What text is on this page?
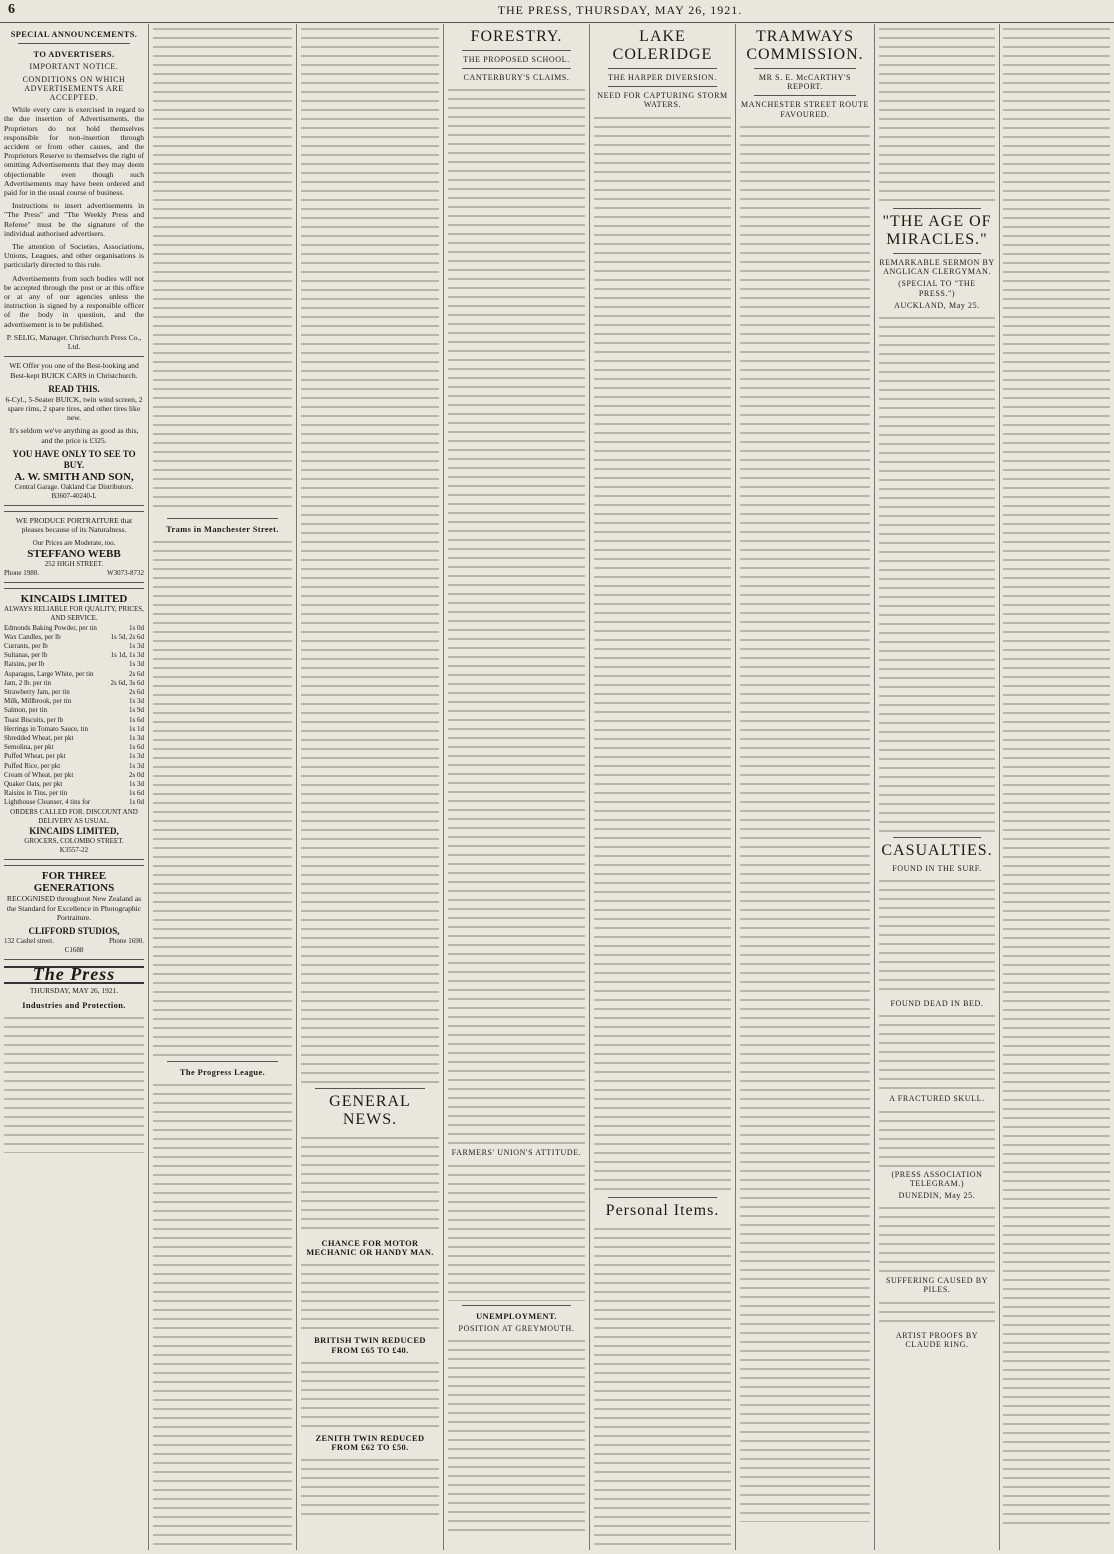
6	THE PRESS, THURSDAY, MAY 26, 1921.
SPECIAL ANNOUNCEMENTS.
TO ADVERTISERS.
IMPORTANT NOTICE.
CONDITIONS ON WHICH ADVERTISEMENTS ARE ACCEPTED.

While every care is exercised in regard to the due insertion of Advertisements, the Proprietors do not hold themselves responsible for non-insertion through accident or from other causes, and the Proprietors Reserve to themselves the right of omitting Advertisements that they may deem objectionable even though such Advertisements may have been ordered and paid for in the usual course of business.

Instructions to insert advertisements in "The Press" and "The Weekly Press and Referee" must be the signature of the individual authorised advertisers.

The attention of Societies, Associations, Unions, Leagues, and other organisations is particularly directed to this rule.

Advertisements from such bodies will not be accepted through the post or at this office or at any of our agencies unless the instruction is signed by a responsible officer of the body in question, and the advertisement is to be published.

P. SELIG, Manager. Christchurch Press Co., Ltd.

WE Offer you one of the Best-looking and Best-kept BUICK CARS in Christchurch.

READ THIS.

6-Cyl., 5-Seater BUICK, twin wind screen, 2 spare rims, 2 spare tires, and other tires like new.

It's seldom we've anything as good as this, and the price is £325.

YOU HAVE ONLY TO SEE TO BUY.
A. W. SMITH AND SON,
Central Garage. Oakland Car Distributors.
B3607-40240-L

WE PRODUCE PORTRAITURE that pleases because of its Naturalness.

Our Prices are Moderate, too.
STEFFANO WEBB
252 HIGH STREET.
Phone 1980.	W3073-8732
KINCAIDS LIMITED
ALWAYS RELIABLE FOR QUALITY, PRICES, AND SERVICE.
Edmonds Baking Powder, per tin	1s 0d
Wax Candles, per lb	1s 5d, 2s 6d
Currants, per lb	1s 3d
Sultanas, per lb	1s 1d, 1s 3d
Raisins, per lb	1s 3d
Asparagus, Large White, per tin	2s 6d
Jam, 2 lb. per tin	2s 6d, 3s 6d
Strawberry Jam, per tin	2s 6d
Milk, Millbrook, per tin	1s 3d
Salmon, per tin	1s 9d
Toast Biscuits, per lb	1s 6d
Herrings in Tomato Sauce, tin	1s 1d
Shredded Wheat, per pkt	1s 3d
Semolina, per pkt	1s 6d
Puffed Wheat, per pkt	1s 3d
Puffed Rice, per pkt	1s 3d
Cream of Wheat, per pkt	2s 0d
Quaker Oats, per pkt	1s 3d
Raisins in Tins, per tin	1s 6d
Lighthouse Cleanser, 4 tins for	1s 0d
ORDERS CALLED FOR. DISCOUNT AND DELIVERY AS USUAL.
KINCAIDS LIMITED,
GROCERS, COLOMBO STREET.
K3557-22
FOR THREE GENERATIONS

RECOGNISED throughout New Zealand as the Standard for Excellence in Photographic Portraiture.

CLIFFORD STUDIOS,
132 Cashel street.	Phone 1690.
C1688
The Press
THURSDAY, MAY 26, 1921.
Industries and Protection.
Trams in Manchester Street.
The Progress League.
GENERAL NEWS.
CHANCE FOR MOTOR MECHANIC OR HANDY MAN.
BRITISH TWIN REDUCED FROM £65 TO £40.
ZENITH TWIN REDUCED FROM £62 TO £50.
FORESTRY.
THE PROPOSED SCHOOL.
CANTERBURY'S CLAIMS.
FARMERS' UNION'S ATTITUDE.
UNEMPLOYMENT.
POSITION AT GREYMOUTH.
LAKE COLERIDGE
THE HARPER DIVERSION.
NEED FOR CAPTURING STORM WATERS.
Personal Items.
TRAMWAYS COMMISSION.
MR S. E. McCARTHY'S REPORT.
MANCHESTER STREET ROUTE FAVOURED.
"THE AGE OF MIRACLES."
REMARKABLE SERMON BY ANGLICAN CLERGYMAN.
(SPECIAL TO "THE PRESS.")
AUCKLAND, May 25.
CASUALTIES.
FOUND IN THE SURF.
FOUND DEAD IN BED.
A FRACTURED SKULL.
(PRESS ASSOCIATION TELEGRAM.)
DUNEDIN, May 25.
SUFFERING CAUSED BY PILES.
ARTIST PROOFS BY CLAUDE RING.
